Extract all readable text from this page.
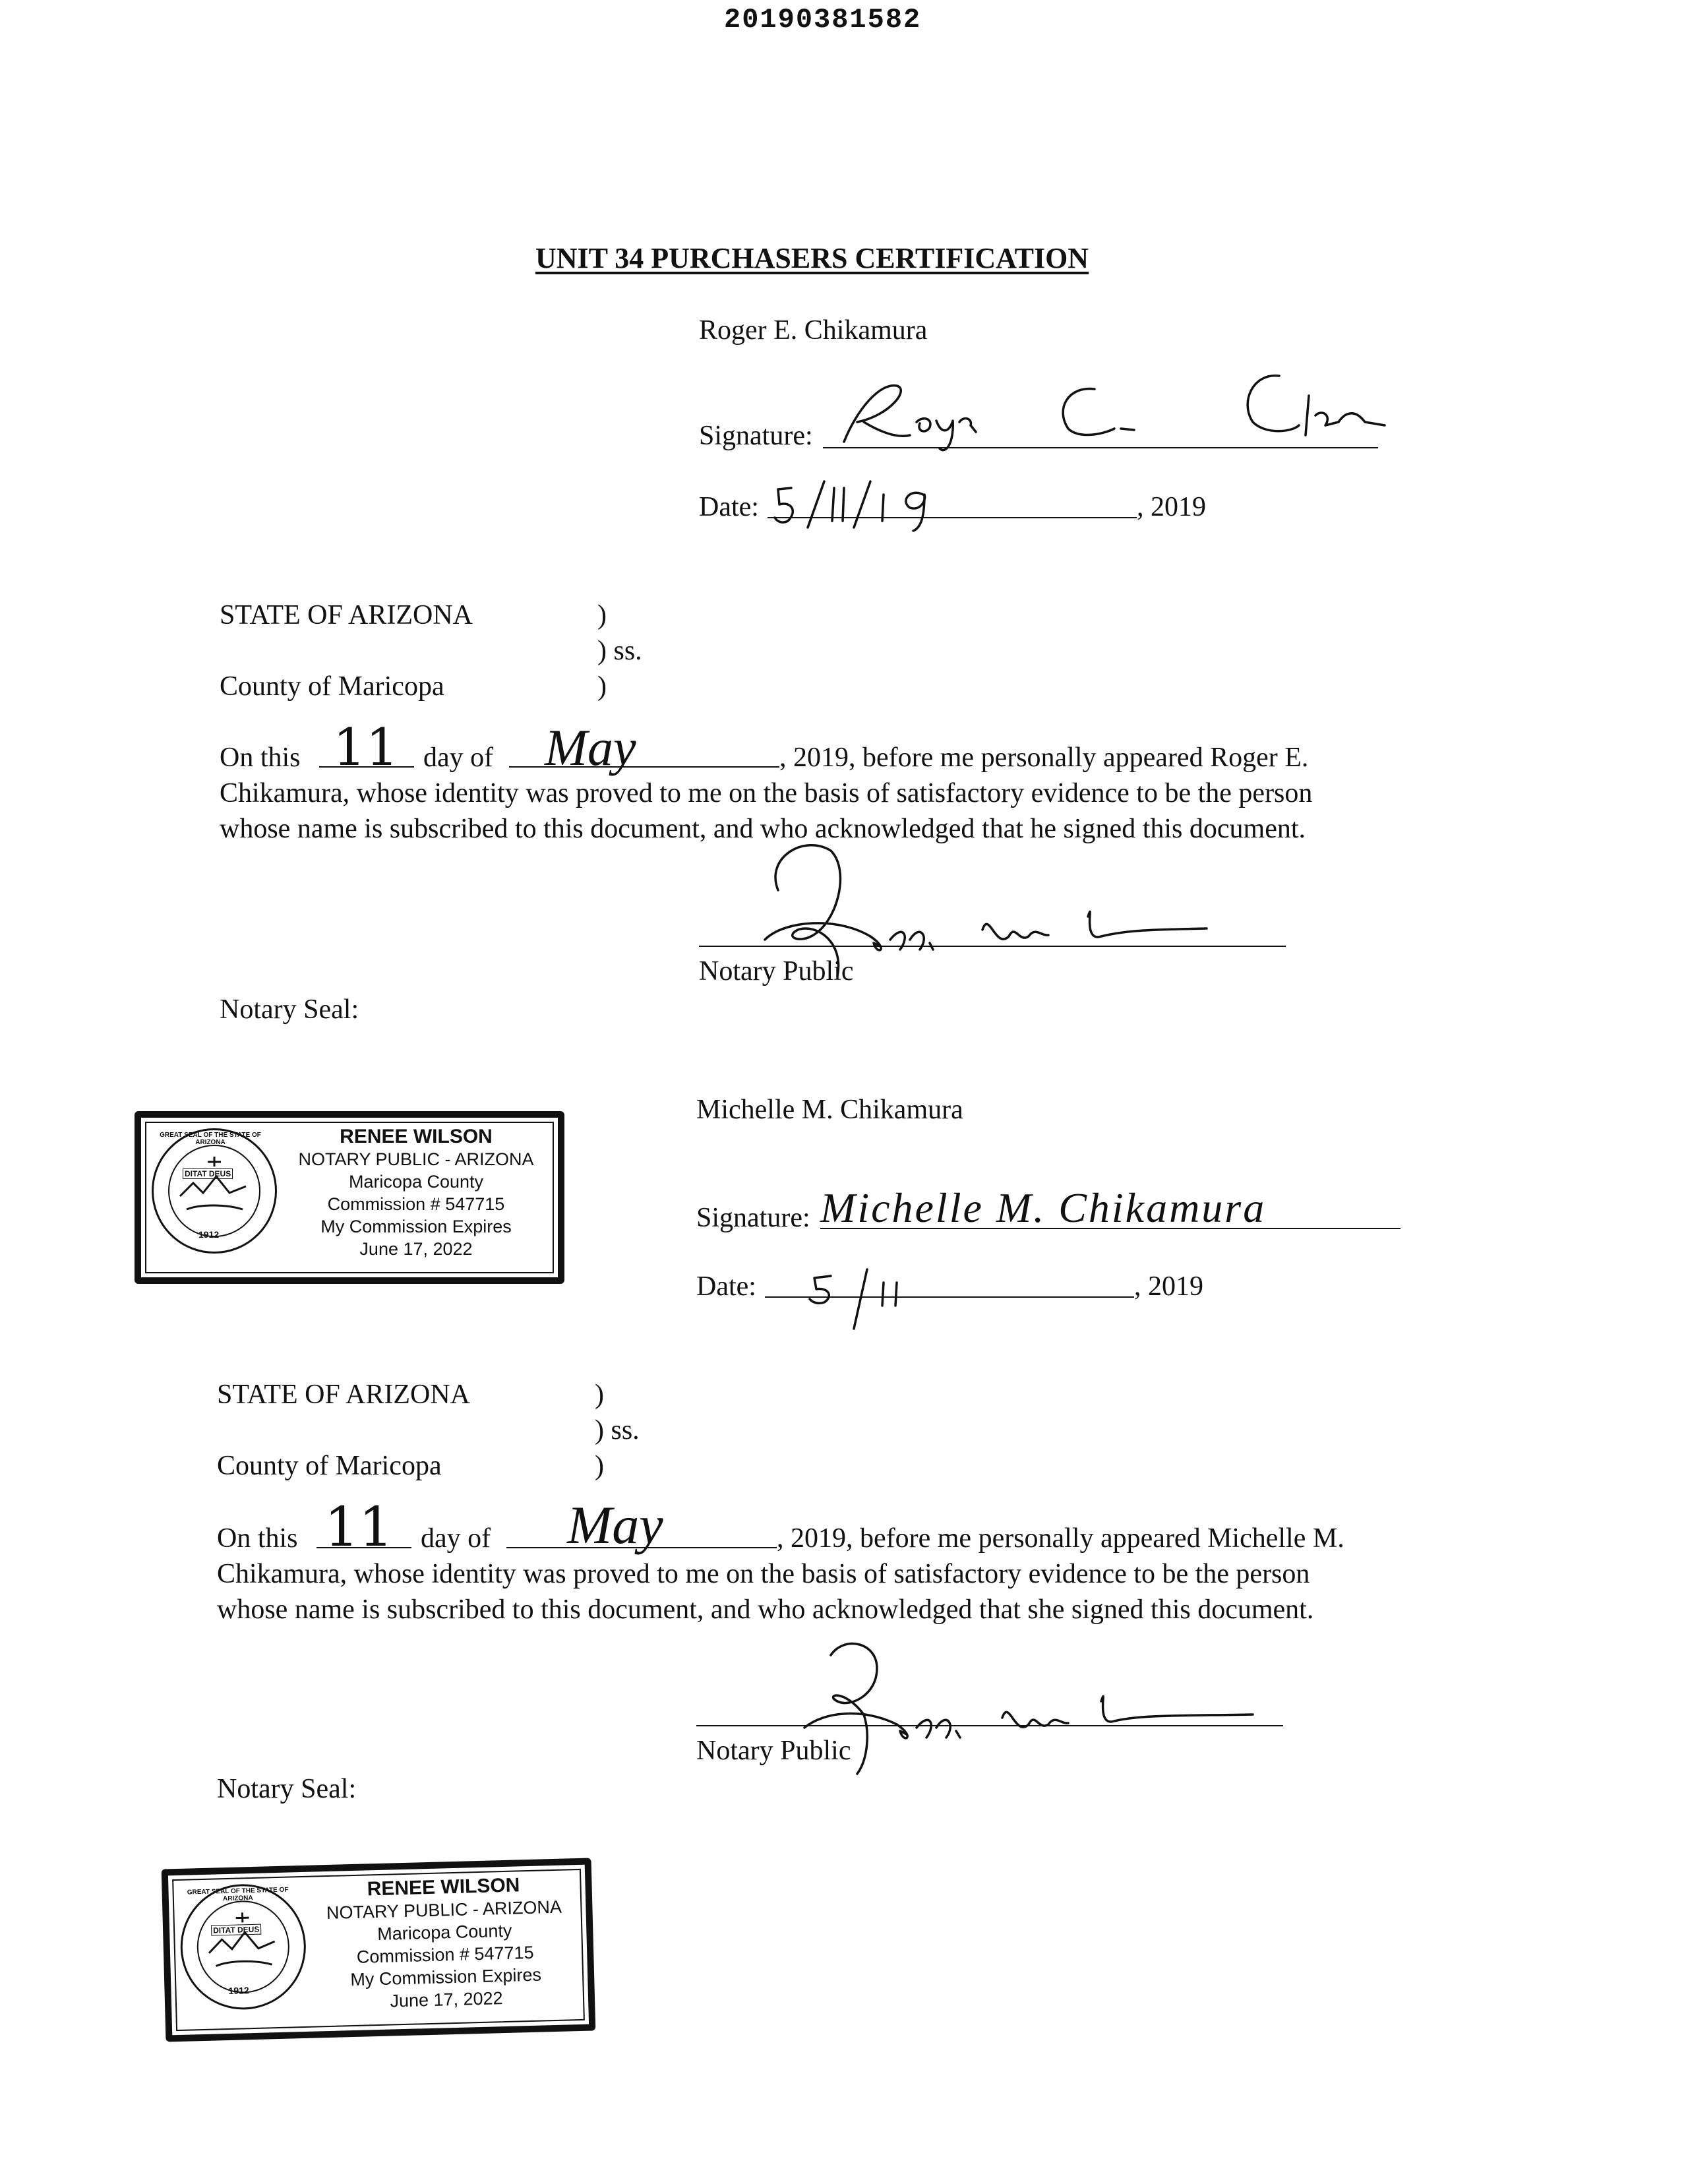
20190381582
UNIT 34 PURCHASERS CERTIFICATION
Roger E. Chikamura
Signature:
Date:	, 2019
STATE OF ARIZONA	)
) ss.
County of Maricopa	)
On this 11 day of May	, 2019, before me personally appeared Roger E.
Chikamura, whose identity was proved to me on the basis of satisfactory evidence to be the person
whose name is subscribed to this document, and who acknowledged that he signed this document.
Notary Public
Notary Seal:
DITAT DEUS
1912
GREAT SEAL OF THE STATE OF ARIZONA	RENEE WILSON
NOTARY PUBLIC - ARIZONA
Maricopa County
Commission # 547715
My Commission Expires
June 17, 2022
Michelle M. Chikamura
Signature: Michelle M. Chikamura
Date:	, 2019
STATE OF ARIZONA	)
) ss.
County of Maricopa	)
On this 11 day of May	, 2019, before me personally appeared Michelle M.
Chikamura, whose identity was proved to me on the basis of satisfactory evidence to be the person
whose name is subscribed to this document, and who acknowledged that she signed this document.
Notary Public
Notary Seal:
DITAT DEUS
1912
GREAT SEAL OF THE STATE OF ARIZONA	RENEE WILSON
NOTARY PUBLIC - ARIZONA
Maricopa County
Commission # 547715
My Commission Expires
June 17, 2022
